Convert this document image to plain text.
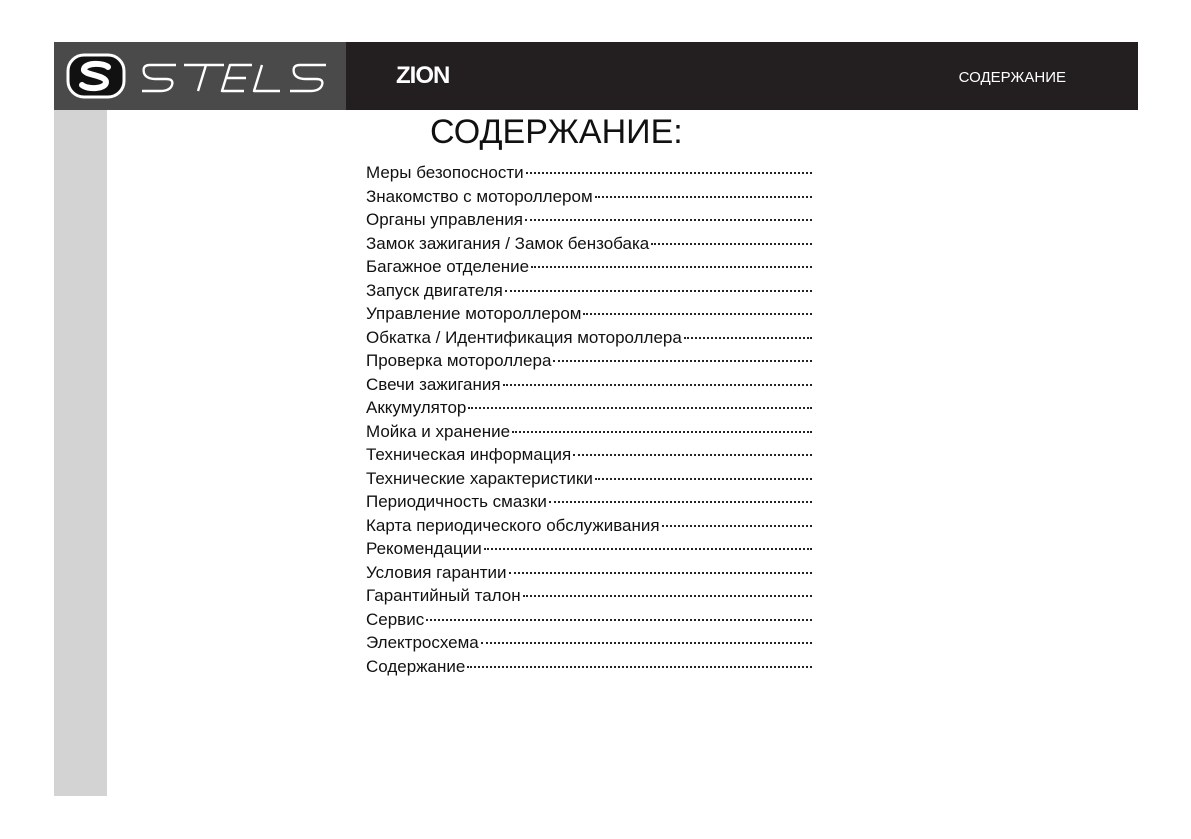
ZION	СОДЕРЖАНИЕ
СОДЕРЖАНИЕ:
Меры безопосности
Знакомство с мотороллером
Органы управления
Замок зажигания / Замок бензобака
Багажное отделение
Запуск двигателя
Управление мотороллером
Обкатка / Идентификация мотороллера
Проверка мотороллера
Свечи зажигания
Аккумулятор
Мойка и хранение
Техническая информация
Технические характеристики
Периодичность смазки
Карта периодического обслуживания
Рекомендации
Условия гарантии
Гарантийный талон
Сервис
Электросхема
Содержание
